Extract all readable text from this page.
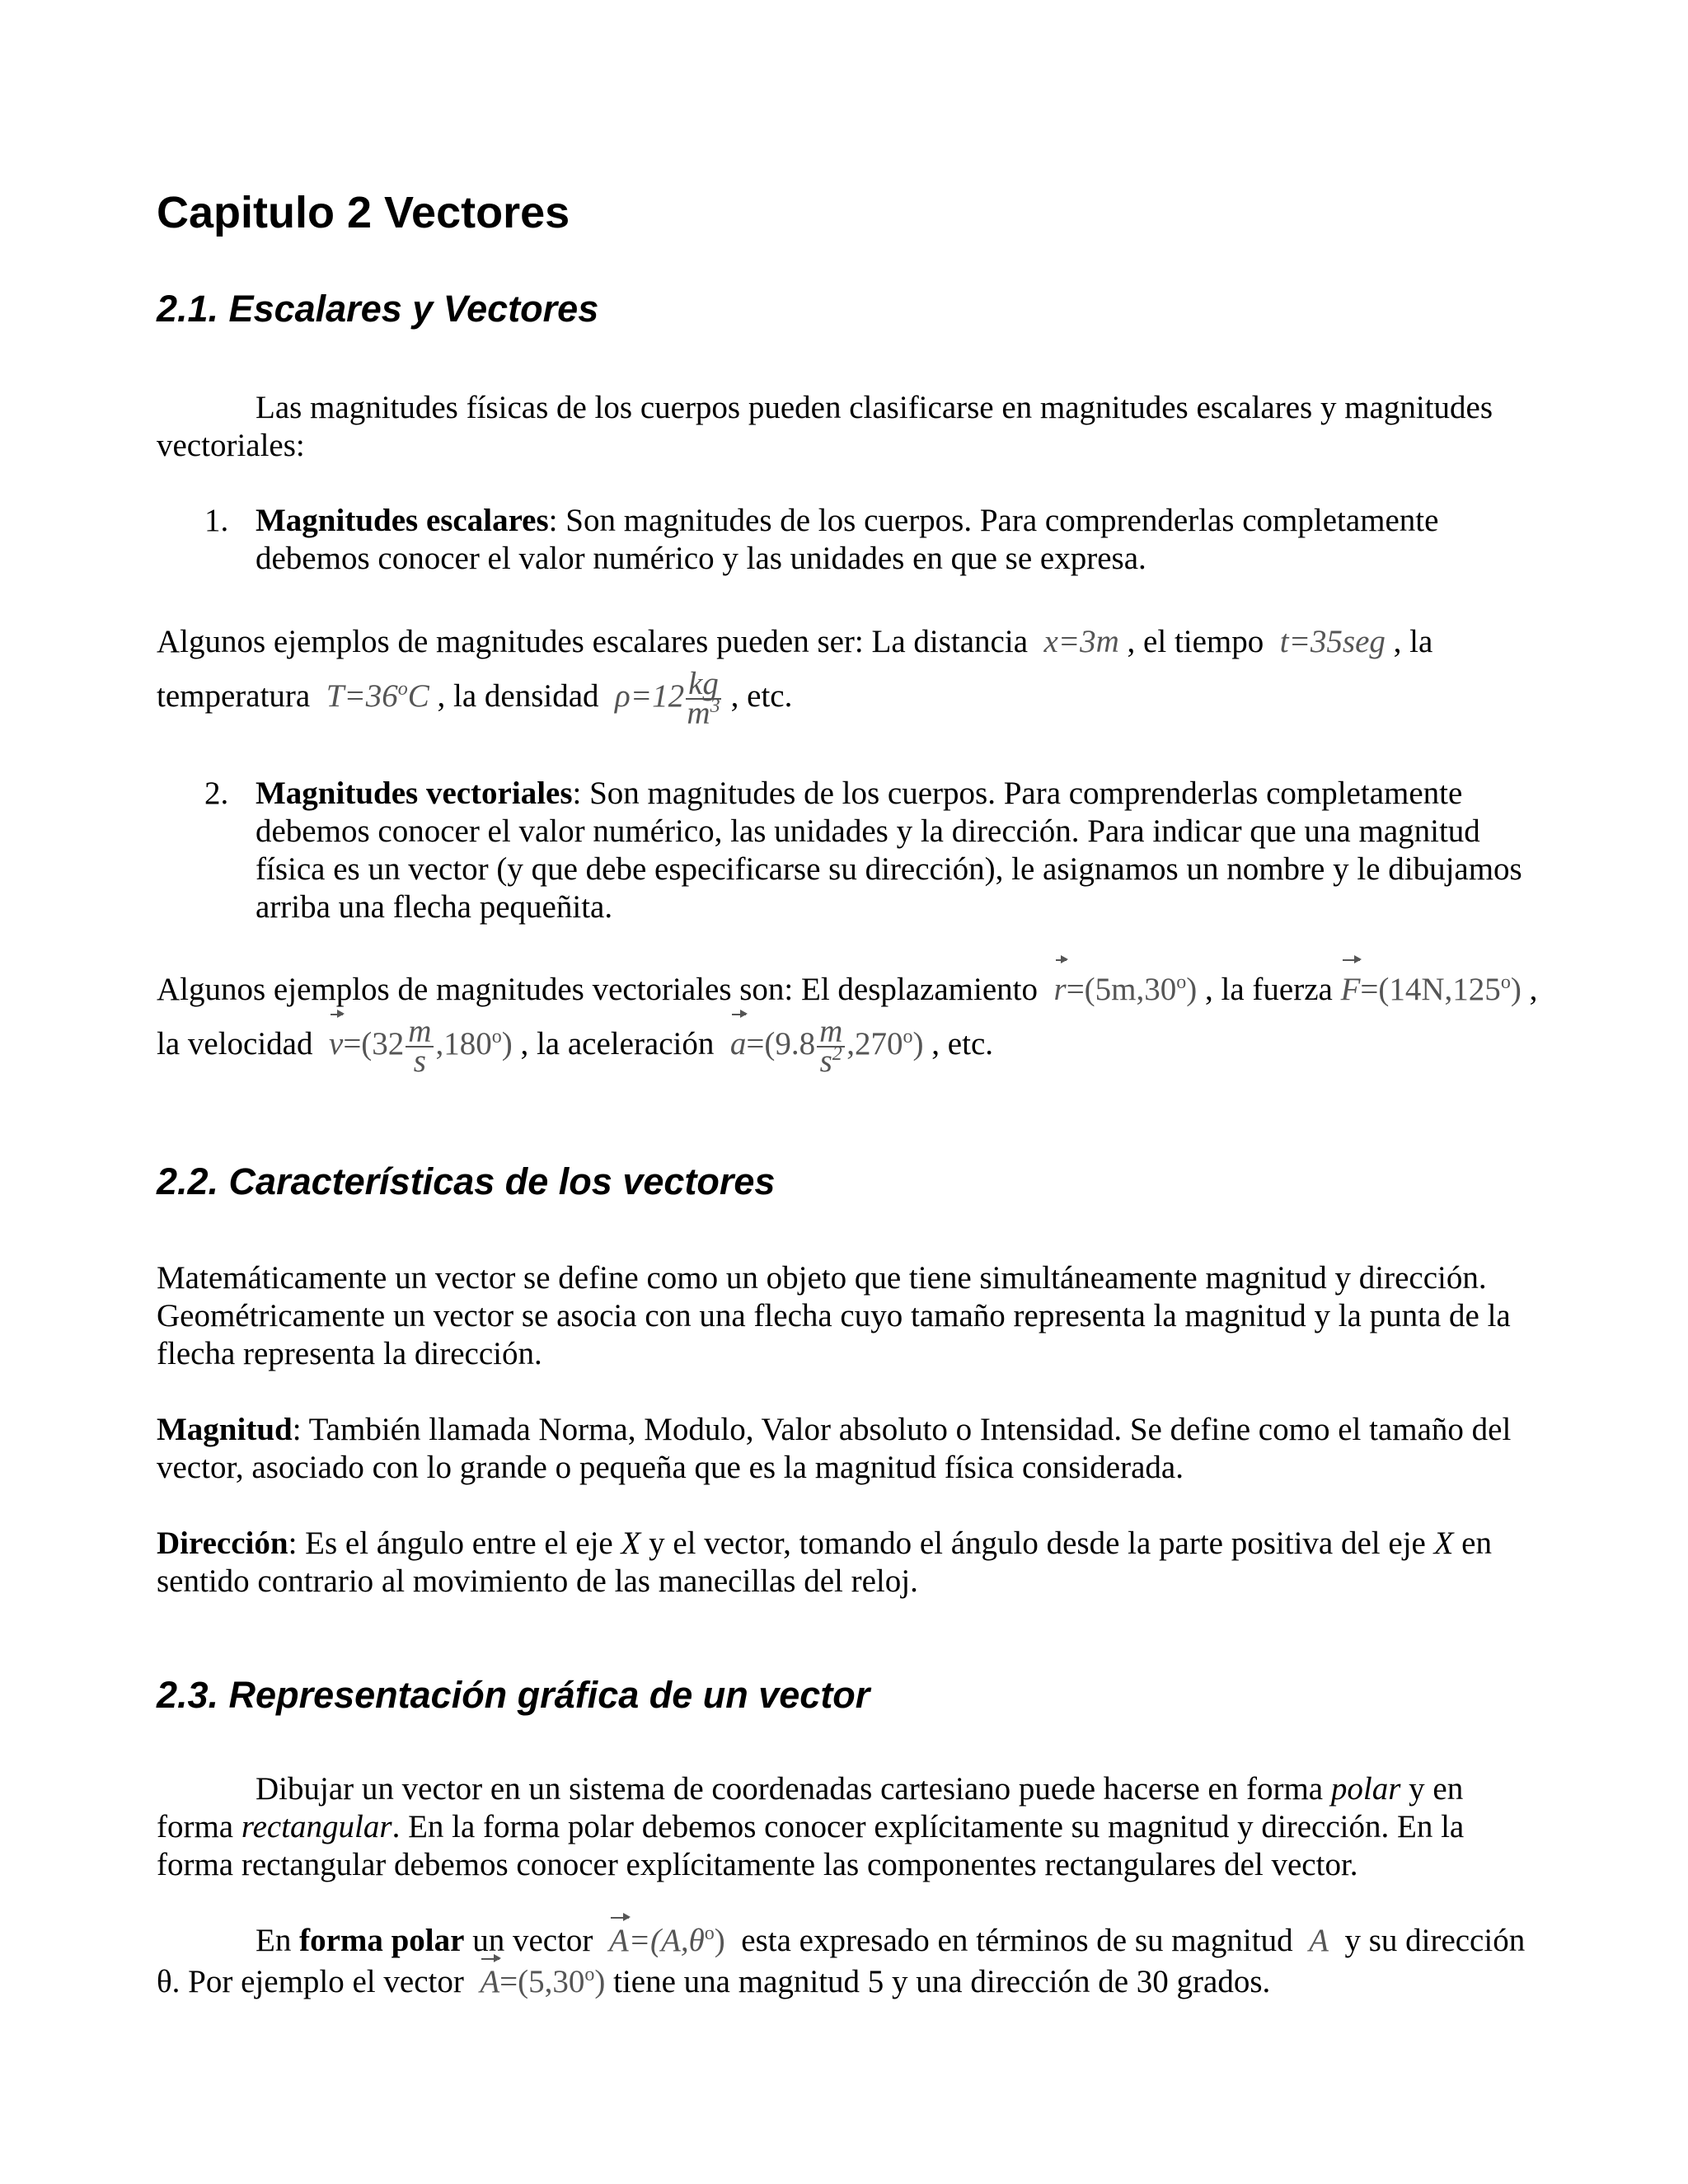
Capitulo 2 Vectores
2.1. Escalares y Vectores

Las magnitudes físicas de los cuerpos pueden clasificarse en magnitudes escalares y magnitudes vectoriales:

1. Magnitudes escalares: Son magnitudes de los cuerpos. Para comprenderlas completamente debemos conocer el valor numérico y las unidades en que se expresa.

Algunos ejemplos de magnitudes escalares pueden ser: La distancia x=3m , el tiempo t=35seg , la temperatura $T=36^oC$ , la densidad $\rho=12 \frac{kg}{m^3}$ , etc.

2. Magnitudes vectoriales: Son magnitudes de los cuerpos. Para comprenderlas completamente debemos conocer el valor numérico, las unidades y la dirección. Para indicar que una magnitud física es un vector (y que debe especificarse su dirección), le asignamos un nombre y le dibujamos arriba una flecha pequeñita.

Algunos ejemplos de magnitudes vectoriales son: El desplazamiento $r=(5m,30^o)$ , la fuerza $F=(14N,125^o)$ , la velocidad $v=(32 \frac{m}{s} ,180^o)$ , la aceleración $a=(9.8 \frac{m}{s^2} ,270^o)$ , etc.

2.2. Características de los vectores

Matemáticamente un vector se define como un objeto que tiene simultáneamente magnitud y dirección. Geométricamente un vector se asocia con una flecha cuyo tamaño representa la magnitud y la punta de la flecha representa la dirección.

Magnitud: También llamada Norma, Modulo, Valor absoluto o Intensidad. Se define como el tamaño del vector, asociado con lo grande o pequeña que es la magnitud física considerada.

Dirección: Es el ángulo entre el eje X y el vector, tomando el ángulo desde la parte positiva del eje X en sentido contrario al movimiento de las manecillas del reloj.

2.3. Representación gráfica de un vector

Dibujar un vector en un sistema de coordenadas cartesiano puede hacerse en forma polar y en forma rectangular. En la forma polar debemos conocer explícitamente su magnitud y dirección. En la forma rectangular debemos conocer explícitamente las componentes rectangulares del vector.

En forma polar un vector $A=(A,\theta^o)$ esta expresado en términos de su magnitud A y su dirección θ. Por ejemplo el vector $A=(5,30^o)$ tiene una magnitud 5 y una dirección de 30 grados.
